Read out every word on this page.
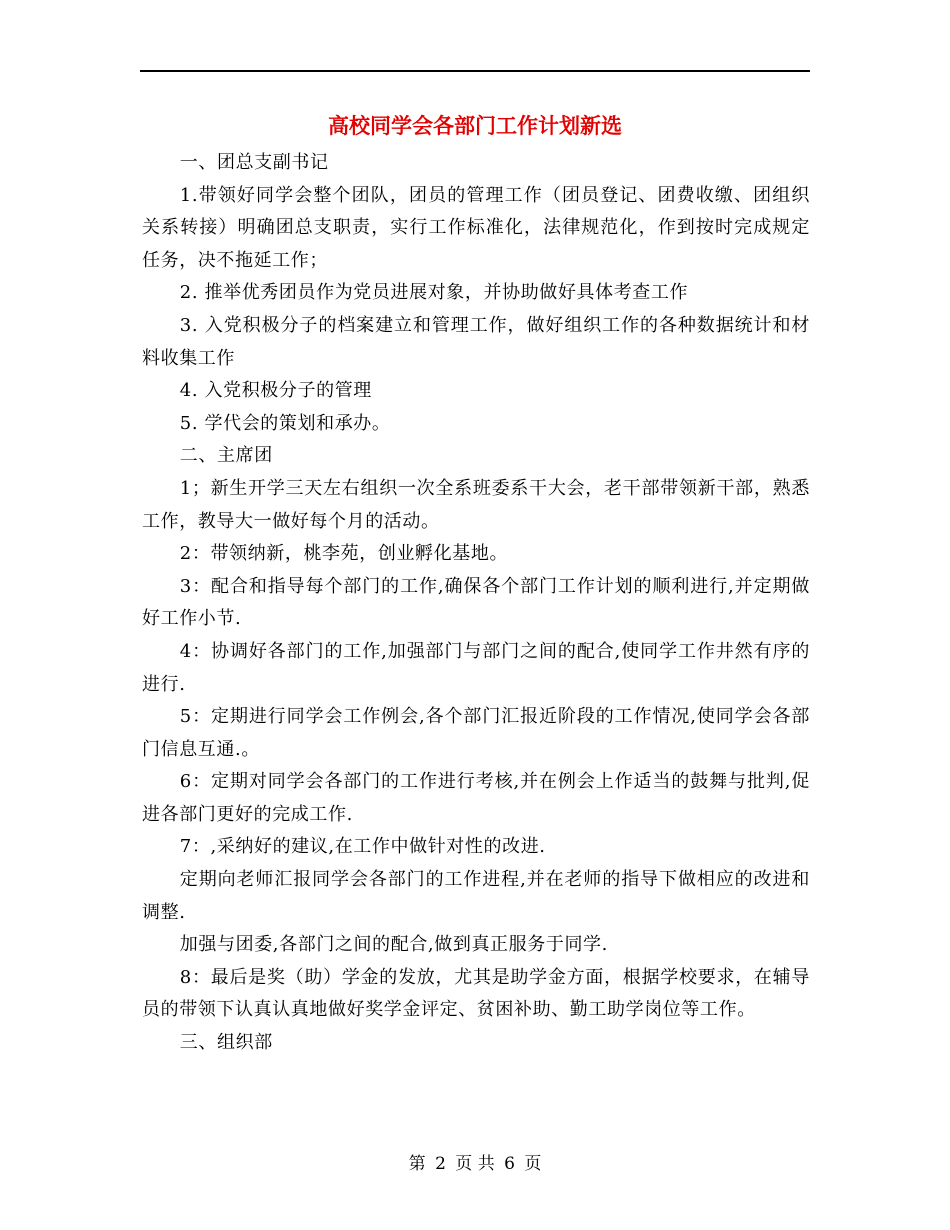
高校同学会各部门工作计划新选

一、团总支副书记

1.带领好同学会整个团队，团员的管理工作（团员登记、团费收缴、团组织关系转接）明确团总支职责，实行工作标准化，法律规范化，作到按时完成规定任务，决不拖延工作；

2. 推举优秀团员作为党员进展对象，并协助做好具体考查工作

3. 入党积极分子的档案建立和管理工作，做好组织工作的各种数据统计和材料收集工作

4. 入党积极分子的管理

5. 学代会的策划和承办。

二、主席团

1；新生开学三天左右组织一次全系班委系干大会，老干部带领新干部，熟悉工作，教导大一做好每个月的活动。

2：带领纳新，桃李苑，创业孵化基地。

3：配合和指导每个部门的工作,确保各个部门工作计划的顺利进行,并定期做好工作小节.

4：协调好各部门的工作,加强部门与部门之间的配合,使同学工作井然有序的进行.

5：定期进行同学会工作例会,各个部门汇报近阶段的工作情况,使同学会各部门信息互通.。

6：定期对同学会各部门的工作进行考核,并在例会上作适当的鼓舞与批判,促进各部门更好的完成工作.

7：,采纳好的建议,在工作中做针对性的改进.

定期向老师汇报同学会各部门的工作进程,并在老师的指导下做相应的改进和调整.

加强与团委,各部门之间的配合,做到真正服务于同学.

8：最后是奖（助）学金的发放，尤其是助学金方面，根据学校要求，在辅导员的带领下认真认真地做好奖学金评定、贫困补助、勤工助学岗位等工作。

三、组织部

第 2 页 共 6 页
